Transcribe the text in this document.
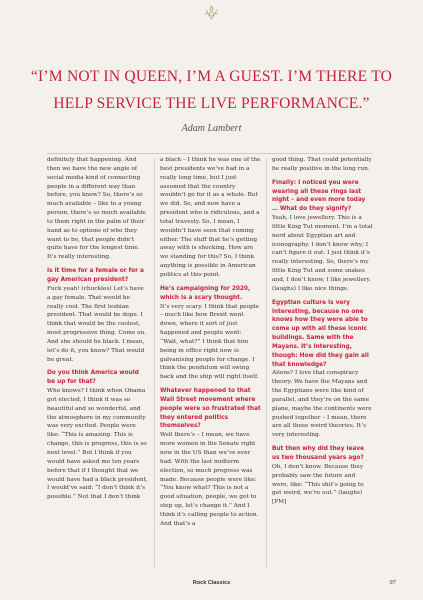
“I’M NOT IN QUEEN, I’M A GUEST. I’M THERE TO HELP SERVICE THE LIVE PERFORMANCE.”
Adam Lambert

definitely that happening. And then we have the new angle of social media kind of connecting people in a different way than before, you know? So, there’s so much available – like to a young person, there’s so much available to them right in the palm of their hand as to options of who they want to be, that people didn’t quite have for the longest time. It’s really interesting.

Is it time for a female or for a gay American president?

Fuck yeah! (chuckles) Let’s have a gay female. That would be really cool. The first lesbian president. That would be dope. I think that would be the coolest, most progressive thing. Come on. And she should be black. I mean, let’s do it, you know? That would be great.

Do you think America would be up for that?

Who knows? I think when Obama got elected, I think it was so beautiful and so wonderful, and the atmosphere in my community was very excited. People were like: “This is amazing. This is change, this is progress, this is so next level.” But I think if you would have asked me ten years before that if I thought that we would have had a black president, I would’ve said: “I don’t think it’s possible.” Not that I don’t think

a black – I think he was one of the best presidents we’ve had in a really long time, but I just assumed that the country wouldn’t go for it as a whole. But we did. So, and now have a president who is ridiculous, and a total travesty. So, I mean, I wouldn’t have seen that coming either. The stuff that he’s getting away with is shocking. How are we standing for this? So, I think anything is possible in American politics at this point.

He’s campaigning for 2020, which is a scary thought.

It’s very scary. I think that people – much like how Brexit went down, where it sort of just happened and people went: “Wait, what?” I think that him being in office right now is galvanising people for change. I think the pendulum will swing back and the ship will right itself.

Whatever happened to that Wall Street movement where people were so frustrated that they entered politics themselves?

Well there’s – I mean, we have more women in the Senate right now in the US than we’ve ever had. With the last midterm election, so much progress was made. Because people were like: “You know what? This is not a good situation, people, we got to step up, let’s change it.” And I think it’s calling people to action. And that’s a

good thing. That could potentially be really positive in the long run.

Finally: I noticed you were wearing all these rings last night – and even more today … What do they signify?

Yeah, I love jewellery. This is a little King Tut moment. I’m a total nerd about Egyptian art and iconography. I don’t know why; I can’t figure it out. I just think it’s really interesting. So, there’s my little King Tut and some snakes and, I don’t know, I like jewellery. (laughs) I like nice things.

Egyptian culture is very interesting, because no one knows how they were able to come up with all these iconic buildings. Same with the Mayans. It’s interesting, though: How did they gain all that knowledge?

Aliens? I love that conspiracy theory. We have the Mayans and the Egyptians were like kind of parallel, and they’re on the same plane, maybe the continents were pushed together – I mean, there are all these weird theories. It’s very interesting.

But then why did they leave us two thousand years ago?

Oh, I don’t know. Because they probably saw the future and were, like: “This shit’s going to get weird, we’re out.” (laughs) [PM]

Rock Classics	97
